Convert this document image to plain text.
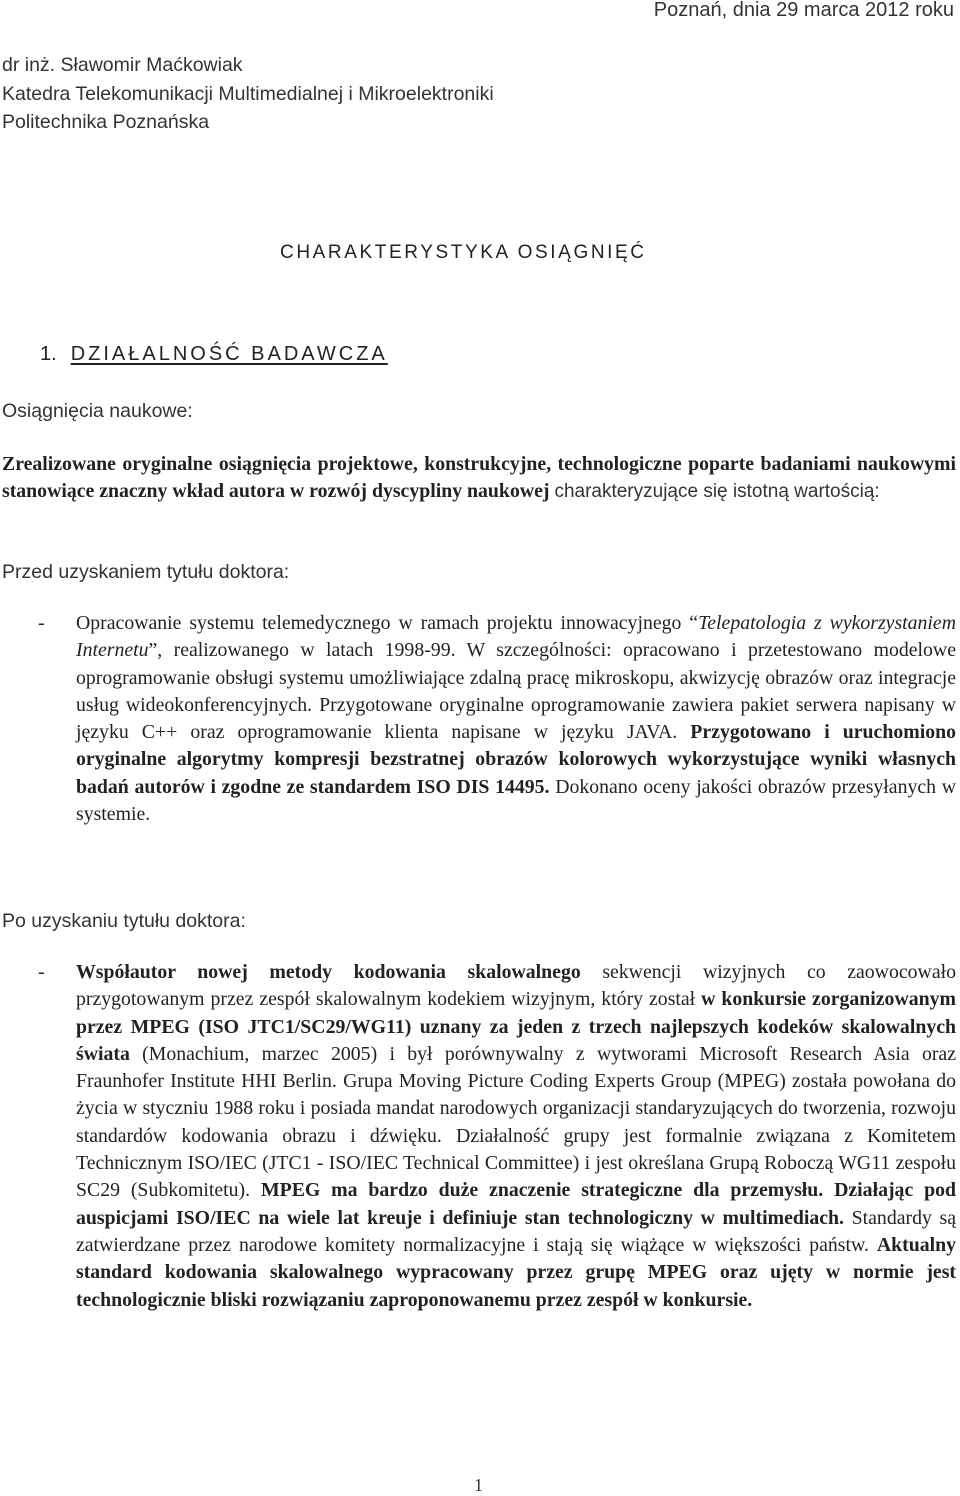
Poznań, dnia 29 marca 2012 roku
dr inż. Sławomir Maćkowiak
Katedra Telekomunikacji Multimedialnej i Mikroelektroniki
Politechnika Poznańska
CHARAKTERYSTYKA OSIĄGNIĘĆ
1. DZIAŁALNOŚĆ BADAWCZA
Osiągnięcia naukowe:
Zrealizowane oryginalne osiągnięcia projektowe, konstrukcyjne, technologiczne poparte badaniami naukowymi stanowiące znaczny wkład autora w rozwój dyscypliny naukowej charakteryzujące się istotną wartością:
Przed uzyskaniem tytułu doktora:
- Opracowanie systemu telemedycznego w ramach projektu innowacyjnego “Telepatologia z wykorzystaniem Internetu”, realizowanego w latach 1998-99. W szczególności: opracowano i przetestowano modelowe oprogramowanie obsługi systemu umożliwiające zdalną pracę mikroskopu, akwizycję obrazów oraz integracje usług wideokonferencyjnych. Przygotowane oryginalne oprogramowanie zawiera pakiet serwera napisany w języku C++ oraz oprogramowanie klienta napisane w języku JAVA. Przygotowano i uruchomiono oryginalne algorytmy kompresji bezstratnej obrazów kolorowych wykorzystujące wyniki własnych badań autorów i zgodne ze standardem ISO DIS 14495. Dokonano oceny jakości obrazów przesyłanych w systemie.
Po uzyskaniu tytułu doktora:
- Współautor nowej metody kodowania skalowalnego sekwencji wizyjnych co zaowocowało przygotowanym przez zespół skalowalnym kodekiem wizyjnym, który został w konkursie zorganizowanym przez MPEG (ISO JTC1/SC29/WG11) uznany za jeden z trzech najlepszych kodeków skalowalnych świata (Monachium, marzec 2005) i był porównywalny z wytworami Microsoft Research Asia oraz Fraunhofer Institute HHI Berlin. Grupa Moving Picture Coding Experts Group (MPEG) została powołana do życia w styczniu 1988 roku i posiada mandat narodowych organizacji standaryzujących do tworzenia, rozwoju standardów kodowania obrazu i dźwięku. Działalność grupy jest formalnie związana z Komitetem Technicznym ISO/IEC (JTC1 - ISO/IEC Technical Committee) i jest określana Grupą Roboczą WG11 zespołu SC29 (Subkomitetu). MPEG ma bardzo duże znaczenie strategiczne dla przemysłu. Działając pod auspicjami ISO/IEC na wiele lat kreuje i definiuje stan technologiczny w multimediach. Standardy są zatwierdzane przez narodowe komitety normalizacyjne i stają się wiążące w większości państw. Aktualny standard kodowania skalowalnego wypracowany przez grupę MPEG oraz ujęty w normie jest technologicznie bliski rozwiązaniu zaproponowanemu przez zespół w konkursie.
1
